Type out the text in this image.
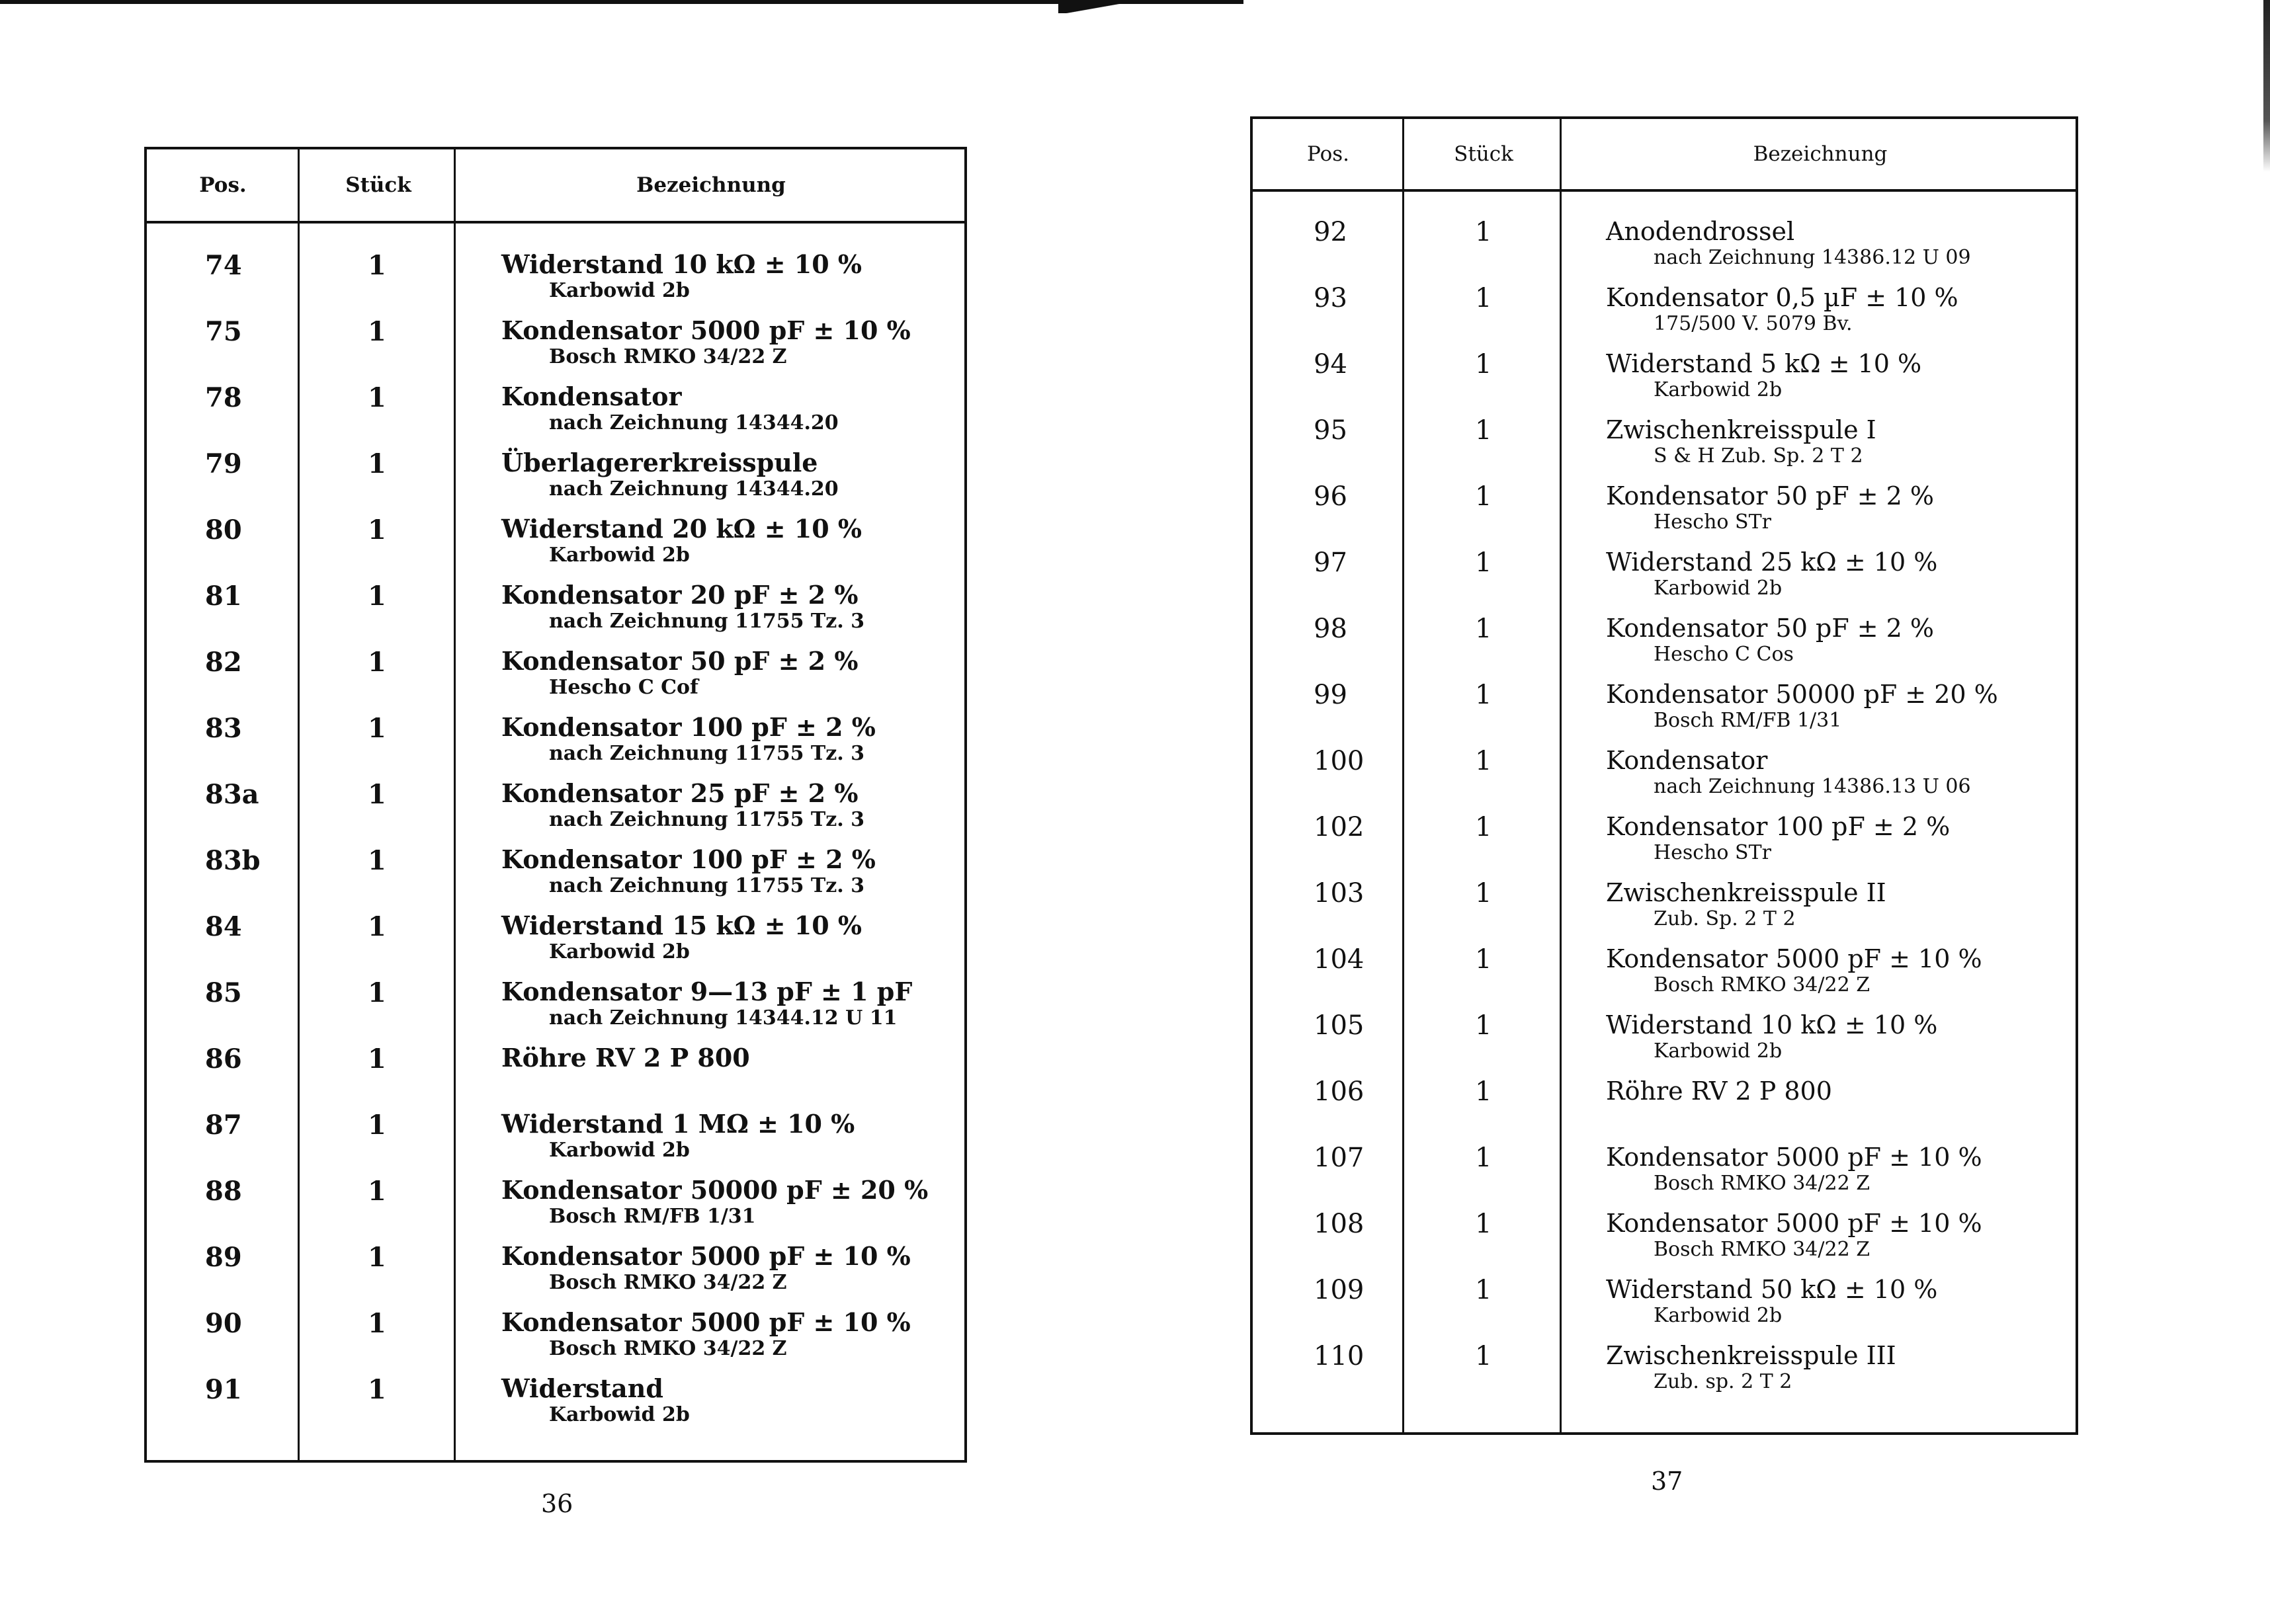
Pos.	Stück	Bezeichnung
74	1	Widerstand 10 kΩ ± 10 %
Karbowid 2b
75	1	Kondensator 5000 pF ± 10 %
Bosch RMKO 34/22 Z
78	1	Kondensator
nach Zeichnung 14344.20
79	1	Überlagererkreisspule
nach Zeichnung 14344.20
80	1	Widerstand 20 kΩ ± 10 %
Karbowid 2b
81	1	Kondensator 20 pF ± 2 %
nach Zeichnung 11755 Tz. 3
82	1	Kondensator 50 pF ± 2 %
Hescho C Cof
83	1	Kondensator 100 pF ± 2 %
nach Zeichnung 11755 Tz. 3
83a	1	Kondensator 25 pF ± 2 %
nach Zeichnung 11755 Tz. 3
83b	1	Kondensator 100 pF ± 2 %
nach Zeichnung 11755 Tz. 3
84	1	Widerstand 15 kΩ ± 10 %
Karbowid 2b
85	1	Kondensator 9—13 pF ± 1 pF
nach Zeichnung 14344.12 U 11
86	1	Röhre RV 2 P 800
87	1	Widerstand 1 MΩ ± 10 %
Karbowid 2b
88	1	Kondensator 50000 pF ± 20 %
Bosch RM/FB 1/31
89	1	Kondensator 5000 pF ± 10 %
Bosch RMKO 34/22 Z
90	1	Kondensator 5000 pF ± 10 %
Bosch RMKO 34/22 Z
91	1	Widerstand
Karbowid 2b
36
Pos.	Stück	Bezeichnung
92	1	Anodendrossel
nach Zeichnung 14386.12 U 09
93	1	Kondensator 0,5 µF ± 10 %
175/500 V. 5079 Bv.
94	1	Widerstand 5 kΩ ± 10 %
Karbowid 2b
95	1	Zwischenkreisspule I
S & H Zub. Sp. 2 T 2
96	1	Kondensator 50 pF ± 2 %
Hescho STr
97	1	Widerstand 25 kΩ ± 10 %
Karbowid 2b
98	1	Kondensator 50 pF ± 2 %
Hescho C Cos
99	1	Kondensator 50000 pF ± 20 %
Bosch RM/FB 1/31
100	1	Kondensator
nach Zeichnung 14386.13 U 06
102	1	Kondensator 100 pF ± 2 %
Hescho STr
103	1	Zwischenkreisspule II
Zub. Sp. 2 T 2
104	1	Kondensator 5000 pF ± 10 %
Bosch RMKO 34/22 Z
105	1	Widerstand 10 kΩ ± 10 %
Karbowid 2b
106	1	Röhre RV 2 P 800
107	1	Kondensator 5000 pF ± 10 %
Bosch RMKO 34/22 Z
108	1	Kondensator 5000 pF ± 10 %
Bosch RMKO 34/22 Z
109	1	Widerstand 50 kΩ ± 10 %
Karbowid 2b
110	1	Zwischenkreisspule III
Zub. sp. 2 T 2
37
